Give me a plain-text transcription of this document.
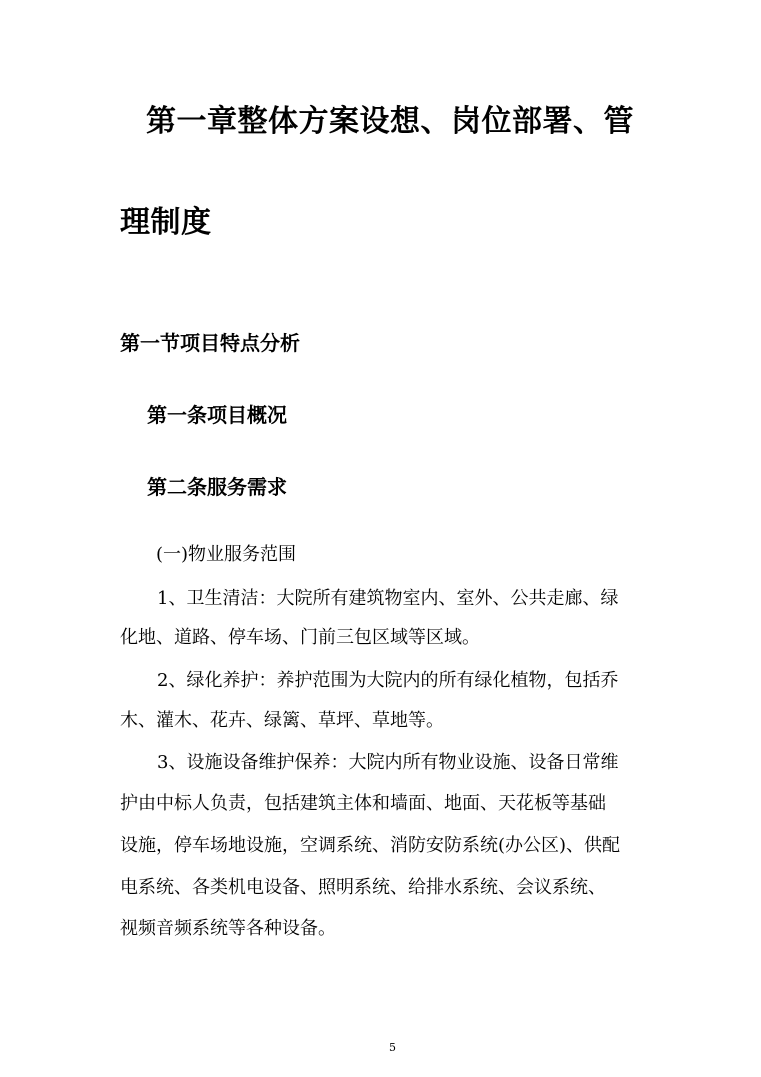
第一章整体方案设想、岗位部署、管
理制度
第一节项目特点分析
第一条项目概况
第二条服务需求
(一)物业服务范围
1、卫生清洁：大院所有建筑物室内、室外、公共走廊、绿
化地、道路、停车场、门前三包区域等区域。
2、绿化养护：养护范围为大院内的所有绿化植物，包括乔
木、灌木、花卉、绿篱、草坪、草地等。
3、设施设备维护保养：大院内所有物业设施、设备日常维
护由中标人负责，包括建筑主体和墙面、地面、天花板等基础
设施，停车场地设施，空调系统、消防安防系统(办公区)、供配
电系统、各类机电设备、照明系统、给排水系统、会议系统、
视频音频系统等各种设备。
5
